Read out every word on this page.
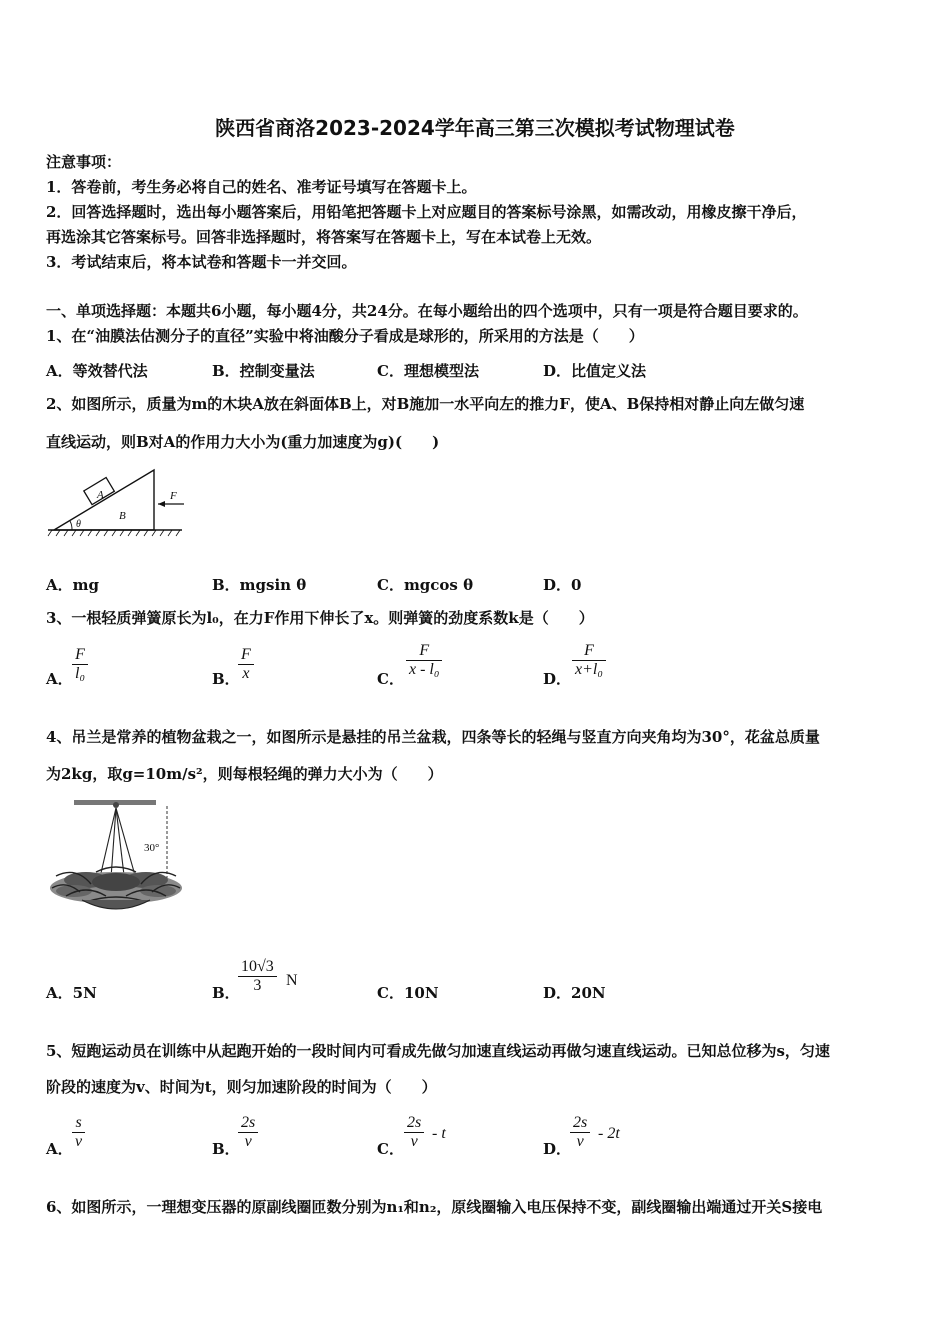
陕西省商洛2023-2024学年高三第三次模拟考试物理试卷
注意事项：
1．答卷前，考生务必将自己的姓名、准考证号填写在答题卡上。
2．回答选择题时，选出每小题答案后，用铅笔把答题卡上对应题目的答案标号涂黑，如需改动，用橡皮擦干净后，
再选涂其它答案标号。回答非选择题时，将答案写在答题卡上，写在本试卷上无效。
3．考试结束后，将本试卷和答题卡一并交回。
一、单项选择题：本题共6小题，每小题4分，共24分。在每小题给出的四个选项中，只有一项是符合题目要求的。
1、在“油膜法估测分子的直径”实验中将油酸分子看成是球形的，所采用的方法是（　　）
A．等效替代法	B．控制变量法	C．理想模型法	D．比值定义法
2、如图所示，质量为m的木块A放在斜面体B上，对B施加一水平向左的推力F，使A、B保持相对静止向左做匀速
直线运动，则B对A的作用力大小为(重力加速度为g)(　　)
A
B
F
θ
A．mg	B．mgsin θ	C．mgcos θ	D．0
3、一根轻质弹簧原长为l₀，在力F作用下伸长了x。则弹簧的劲度系数k是（　　）
A． $\frac{F}{\text{l₀}}$	B．
$\frac{F}{x}$	C． $\frac{F}{\text{x - l₀}}$	D． $\frac{F}{\text{x+l₀}}$
4、吊兰是常养的植物盆栽之一，如图所示是悬挂的吊兰盆栽，四条等长的轻绳与竖直方向夹角均为30°，花盆总质量
为2kg，取g=10m/s²，则每根轻绳的弹力大小为（　　）
30°
A．5N	B．
$\frac{10√3}{3}$ N
C．10N	D．20N
5、短跑运动员在训练中从起跑开始的一段时间内可看成先做匀加速直线运动再做匀速直线运动。已知总位移为s，匀速
阶段的速度为v、时间为t，则匀加速阶段的时间为（　　）
A． $\frac{s}{v}$	B．
$\frac{2s}{v}$	C． $\frac{2s}{v}$ - t
D．
$\frac{2s}{v} - 2t$
6、如图所示，一理想变压器的原副线圈匝数分别为n₁和n₂，原线圈输入电压保持不变，副线圈输出端通过开关S接电
